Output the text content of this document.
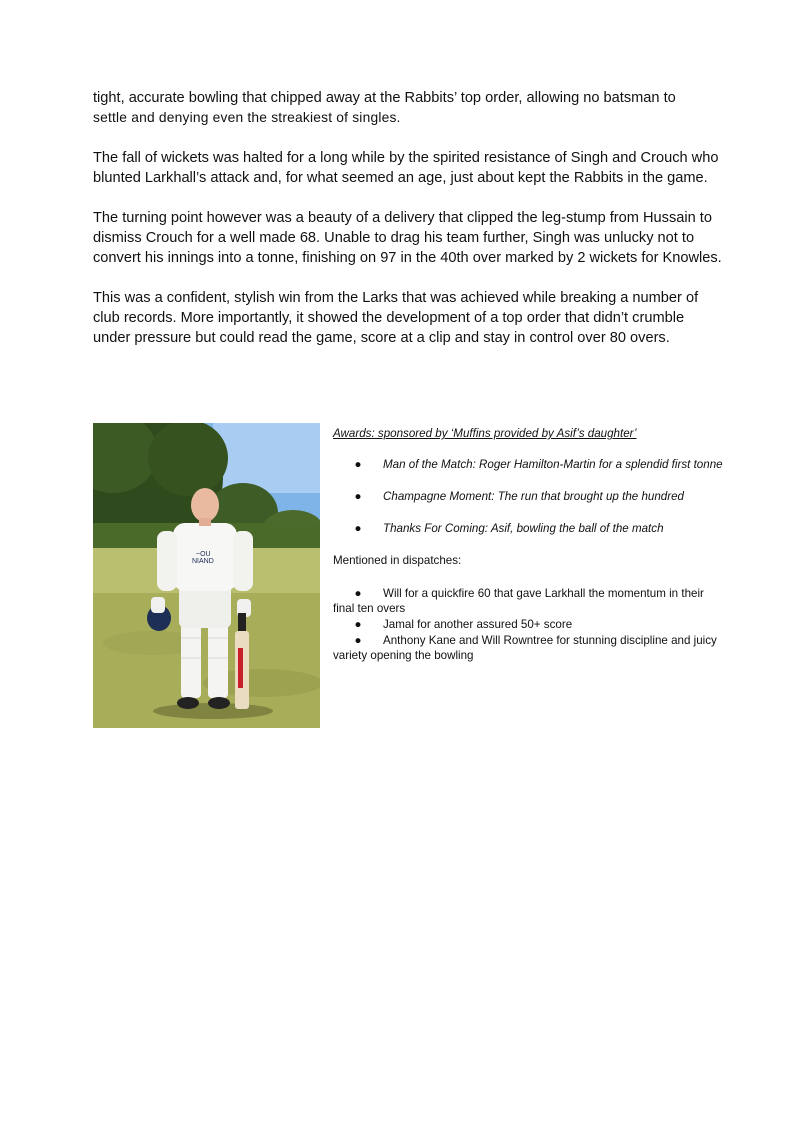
tight, accurate bowling that chipped away at the Rabbits’ top order, allowing no batsman to
settle and denying even the streakiest of singles.

The fall of wickets was halted for a long while by the spirited resistance of Singh and Crouch who blunted Larkhall’s attack and, for what seemed an age, just about kept the Rabbits in the game.

The turning point however was a beauty of a delivery that clipped the leg-stump from Hussain to dismiss Crouch for a well made 68. Unable to drag his team further, Singh was unlucky not to convert his innings into a tonne, finishing on 97 in the 40th over marked by 2 wickets for Knowles.

This was a confident, stylish win from the Larks that was achieved while breaking a number of club records. More importantly, it showed the development of a top order that didn’t crumble under pressure but could read the game, score at a clip and stay in control over 80 overs.

~OU
NIAND
Awards: sponsored by ‘Muffins provided by Asif’s daughter’
● Man of the Match: Roger Hamilton-Martin for a splendid first tonne
● Champagne Moment: The run that brought up the hundred
● Thanks For Coming: Asif, bowling the ball of the match
Mentioned in dispatches:
● Will for a quickfire 60 that gave Larkhall the momentum in their final ten overs
● Jamal for another assured 50+ score
● Anthony Kane and Will Rowntree for stunning discipline and juicy variety opening the bowling
